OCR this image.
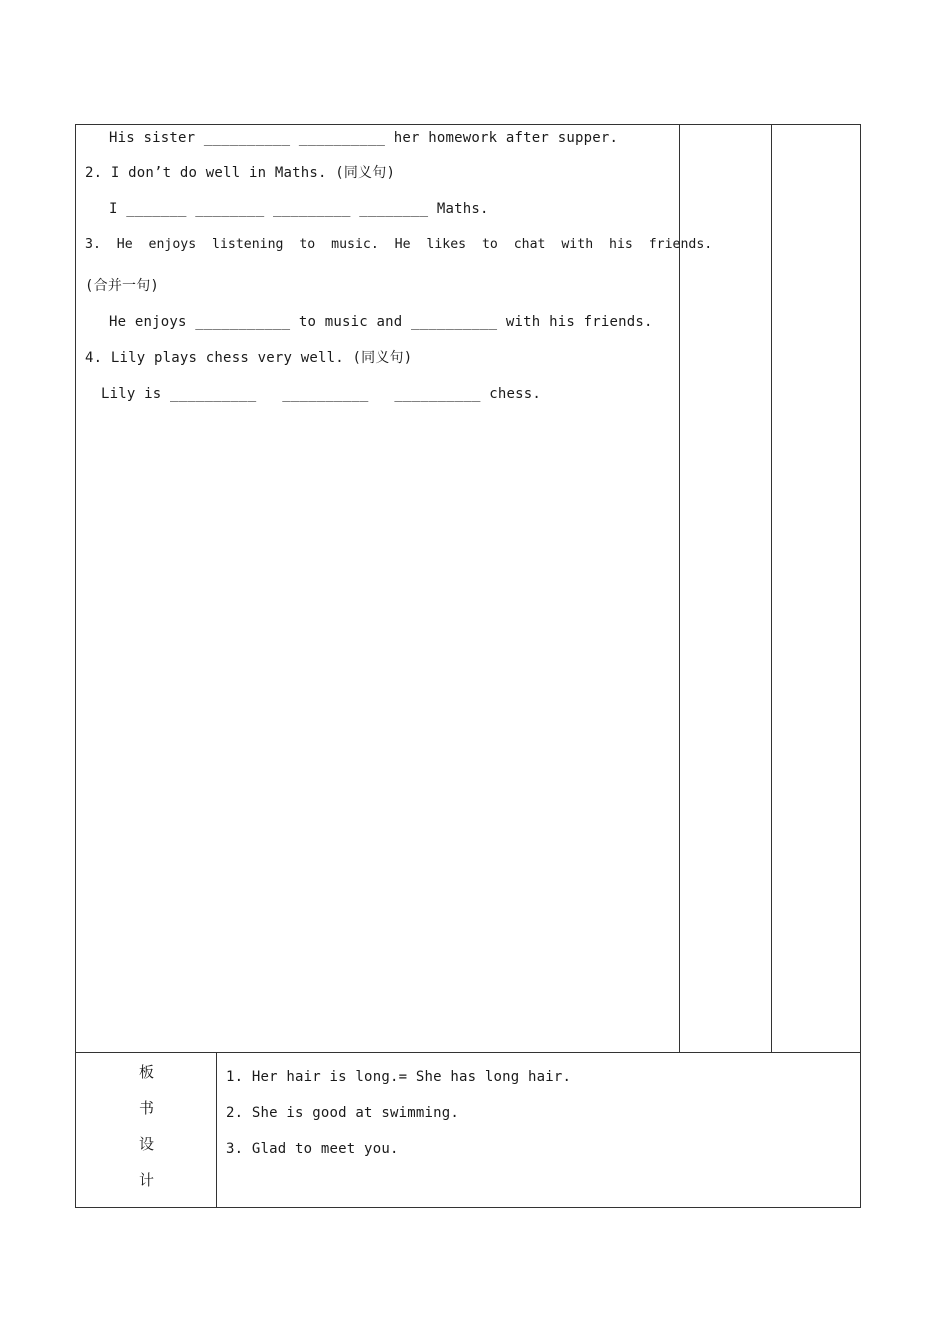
His sister __________ __________ her homework after supper.
2. I don’t do well in Maths. (同义句)
I _______ ________ _________ ________ Maths.
3.  He  enjoys  listening  to  music.  He  likes  to  chat  with  his  friends.
(合并一句)
He enjoys ___________ to music and __________ with his friends.
4. Lily plays chess very well. (同义句)
Lily is __________   __________   __________ chess.
板
书
设
计
1. Her hair is long.= She has long hair.
2. She is good at swimming.
3. Glad to meet you.
